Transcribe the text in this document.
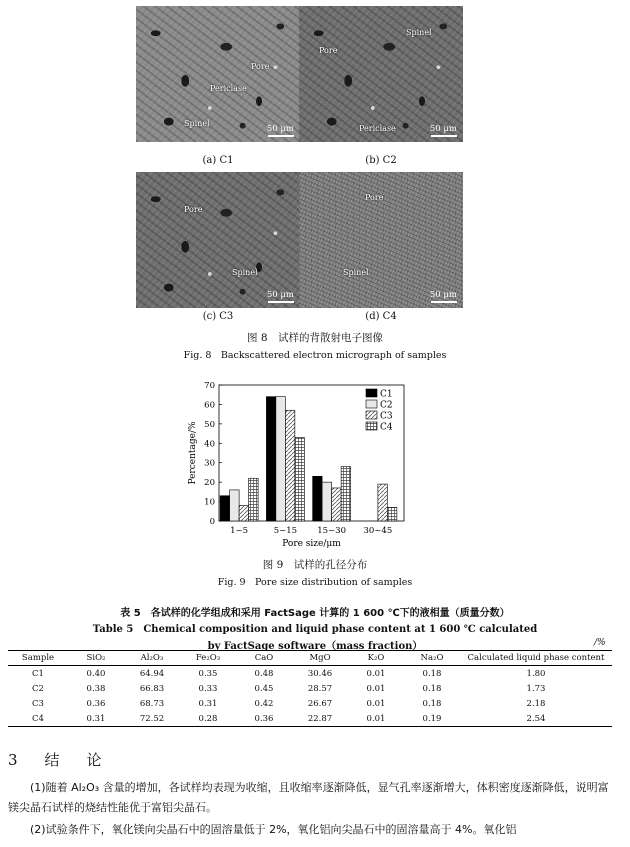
Pore
Periclase
Spinel
50 μm
Spinel
Pore
Periclase	50 μm
(a) C1	(b) C2
Pore
Spinel
50 μm
Pore
Spinel
50 μm
(c) C3	(d) C4
图 8　试样的背散射电子图像
Fig. 8　Backscattered electron micrograph of samples
0
10
20
30
40
50
60
70
Percentage/%
1~5	5~15 15~30 30~45
Pore size/μm
C1
C2
C3
C4
图 9　试样的孔径分布
Fig. 9　Pore size distribution of samples
表 5　各试样的化学组成和采用 FactSage 计算的 1 600 ℃下的液相量（质量分数）
Table 5　Chemical composition and liquid phase content at 1 600 ℃ calculated
by FactSage software（mass fraction）	/%
Sample	SiO₂	Al₂O₃	Fe₂O₃	CaO	MgO	K₂O	Na₂O	Calculated liquid phase content
C1	0.40	64.94	0.35	0.48	30.46	0.01	0.18	1.80
C2	0.38	66.83	0.33	0.45	28.57	0.01	0.18	1.73
C3	0.36	68.73	0.31	0.42	26.67	0.01	0.18	2.18
C4	0.31	72.52	0.28	0.36	22.87	0.01	0.19	2.54
3　结　论
(1)随着 Al₂O₃ 含量的增加，各试样均表现为收缩，且收缩率逐渐降低，显气孔率逐渐增大，体积密度逐渐降低，说明富镁尖晶石试样的烧结性能优于富铝尖晶石。
(2)试验条件下，氧化镁向尖晶石中的固溶量低于 2%，氧化铝向尖晶石中的固溶量高于 4%。氧化铝
